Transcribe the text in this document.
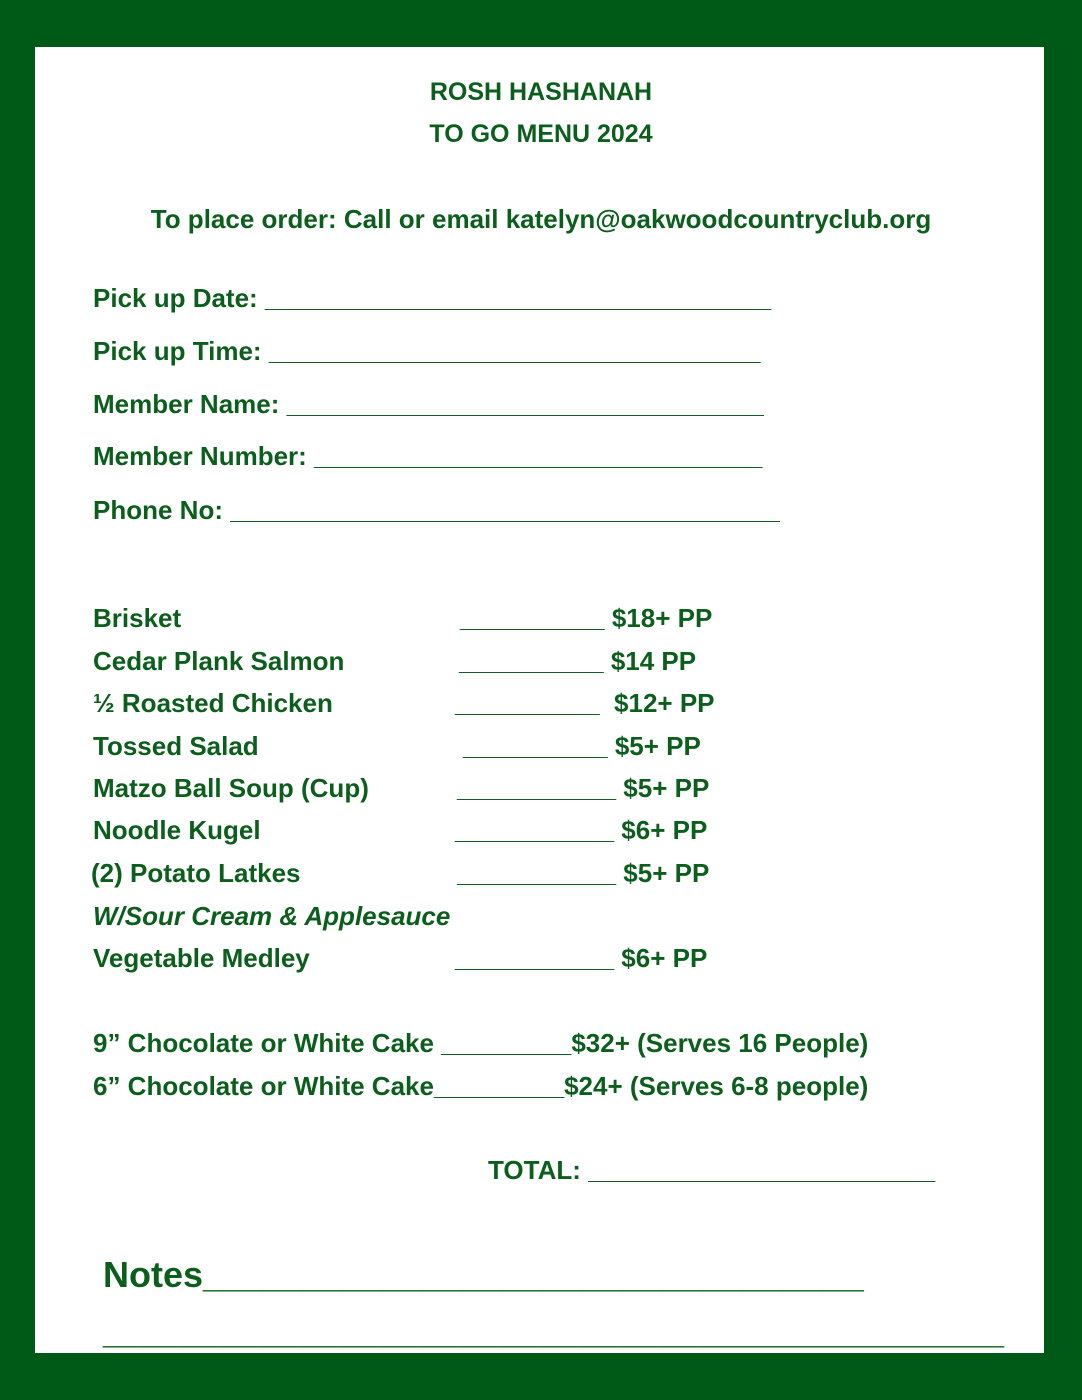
ROSH HASHANAH
TO GO MENU 2024
To place order: Call or email katelyn@oakwoodcountryclub.org
Pick up Date: ___________________________________
Pick up Time: __________________________________
Member Name: _________________________________
Member Number: _______________________________
Phone No: ______________________________________
Brisket	__________ $18+ PP
Cedar Plank Salmon	__________ $14 PP
½ Roasted Chicken	__________  $12+ PP
Tossed Salad	__________ $5+ PP
Matzo Ball Soup (Cup)	___________ $5+ PP
Noodle Kugel	___________ $6+ PP
(2) Potato Latkes	___________ $5+ PP
W/Sour Cream & Applesauce
Vegetable Medley	___________ $6+ PP
9” Chocolate or White Cake _________$32+ (Serves 16 People)
6” Chocolate or White Cake_________$24+ (Serves 6-8 people)
TOTAL: ________________________
Notes_________________________________
_____________________________________________
